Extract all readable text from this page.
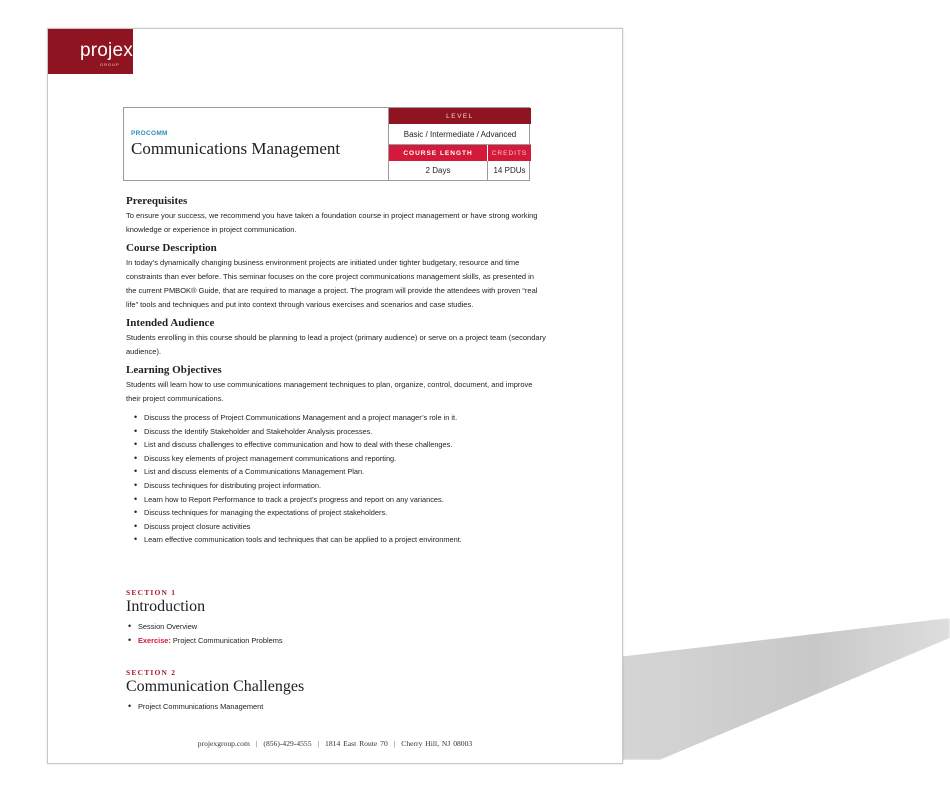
projex
GROUP
PROCOMM
Communications Management
LEVEL
Basic / Intermediate / Advanced
COURSE LENGTH	CREDITS
2 Days	14 PDUs
Prerequisites

To ensure your success, we recommend you have taken a foundation course in project management or have strong working knowledge or experience in project communication.

Course Description

In today’s dynamically changing business environment projects are initiated under tighter budgetary, resource and time constraints than ever before. This seminar focuses on the core project communications management skills, as presented in the current PMBOK® Guide, that are required to manage a project. The program will provide the attendees with proven “real life” tools and techniques and put into context through various exercises and scenarios and case studies.

Intended Audience

Students enrolling in this course should be planning to lead a project (primary audience) or serve on a project team (secondary audience).

Learning Objectives

Students will learn how to use communications management techniques to plan, organize, control, document, and improve their project communications.

• Discuss the process of Project Communications Management and a project manager’s role in it.
• Discuss the Identify Stakeholder and Stakeholder Analysis processes.
• List and discuss challenges to effective communication and how to deal with these challenges.
• Discuss key elements of project management communications and reporting.
• List and discuss elements of a Communications Management Plan.
• Discuss techniques for distributing project information.
• Learn how to Report Performance to track a project’s progress and report on any variances.
• Discuss techniques for managing the expectations of project stakeholders.
• Discuss project closure activities
• Learn effective communication tools and techniques that can be applied to a project environment.
SECTION 1
Introduction
• Session Overview
• Exercise: Project Communication Problems
SECTION 2
Communication Challenges
• Project Communications Management
projexgroup.com | (856)-429-4555 | 1814 East Route 70 | Cherry Hill, NJ 08003
